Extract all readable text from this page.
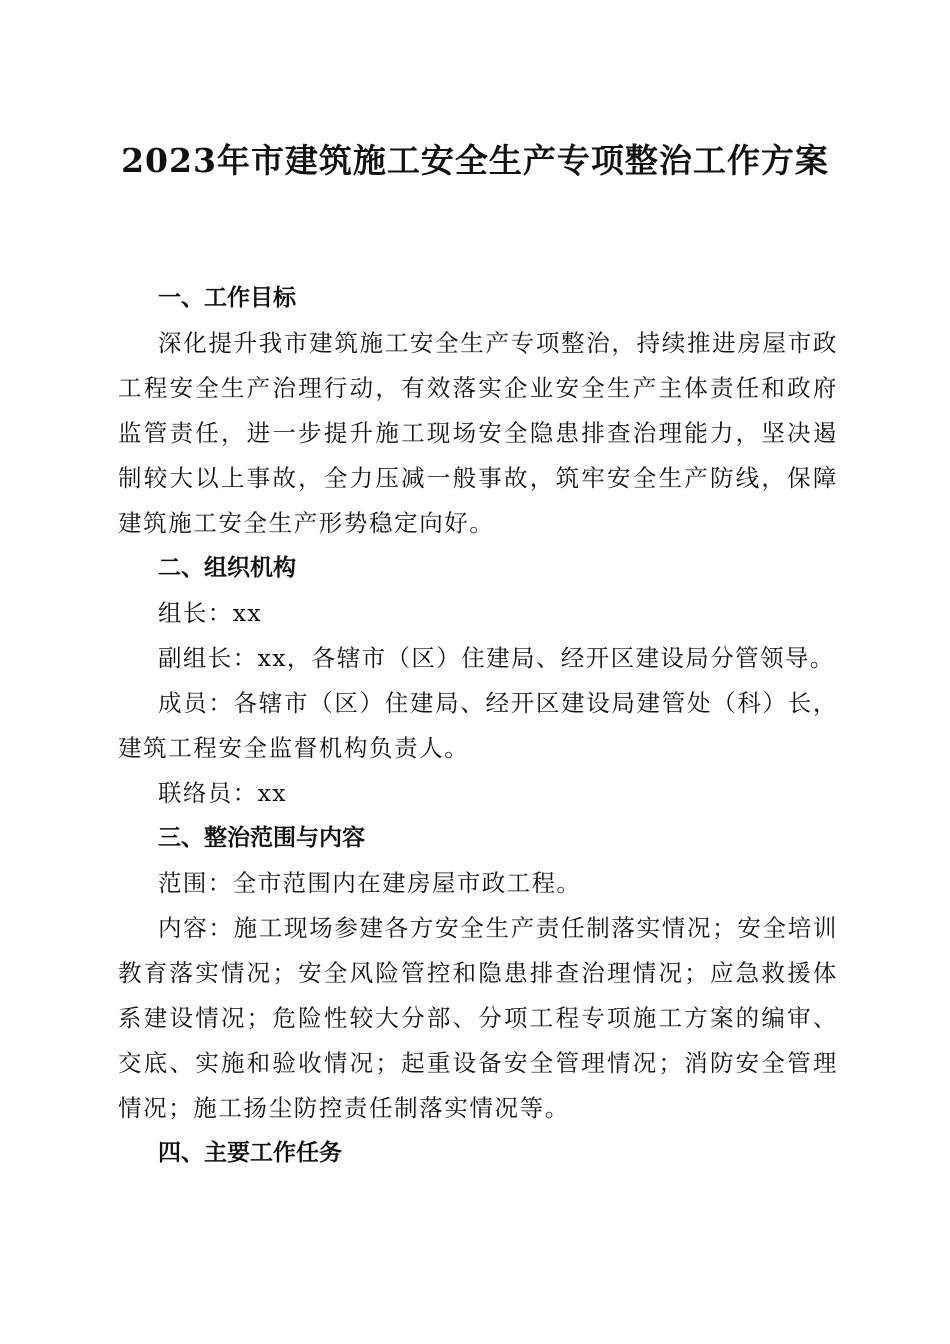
2023年市建筑施工安全生产专项整治工作方案
一、工作目标

深化提升我市建筑施工安全生产专项整治，持续推进房屋市政工程安全生产治理行动，有效落实企业安全生产主体责任和政府监管责任，进一步提升施工现场安全隐患排查治理能力，坚决遏制较大以上事故，全力压减一般事故，筑牢安全生产防线，保障建筑施工安全生产形势稳定向好。

二、组织机构

组长：xx

副组长：xx，各辖市（区）住建局、经开区建设局分管领导。

成员：各辖市（区）住建局、经开区建设局建管处（科）长，建筑工程安全监督机构负责人。

联络员：xx

三、整治范围与内容

范围：全市范围内在建房屋市政工程。

内容：施工现场参建各方安全生产责任制落实情况；安全培训教育落实情况；安全风险管控和隐患排查治理情况；应急救援体系建设情况；危险性较大分部、分项工程专项施工方案的编审、交底、实施和验收情况；起重设备安全管理情况；消防安全管理情况；施工扬尘防控责任制落实情况等。

四、主要工作任务
